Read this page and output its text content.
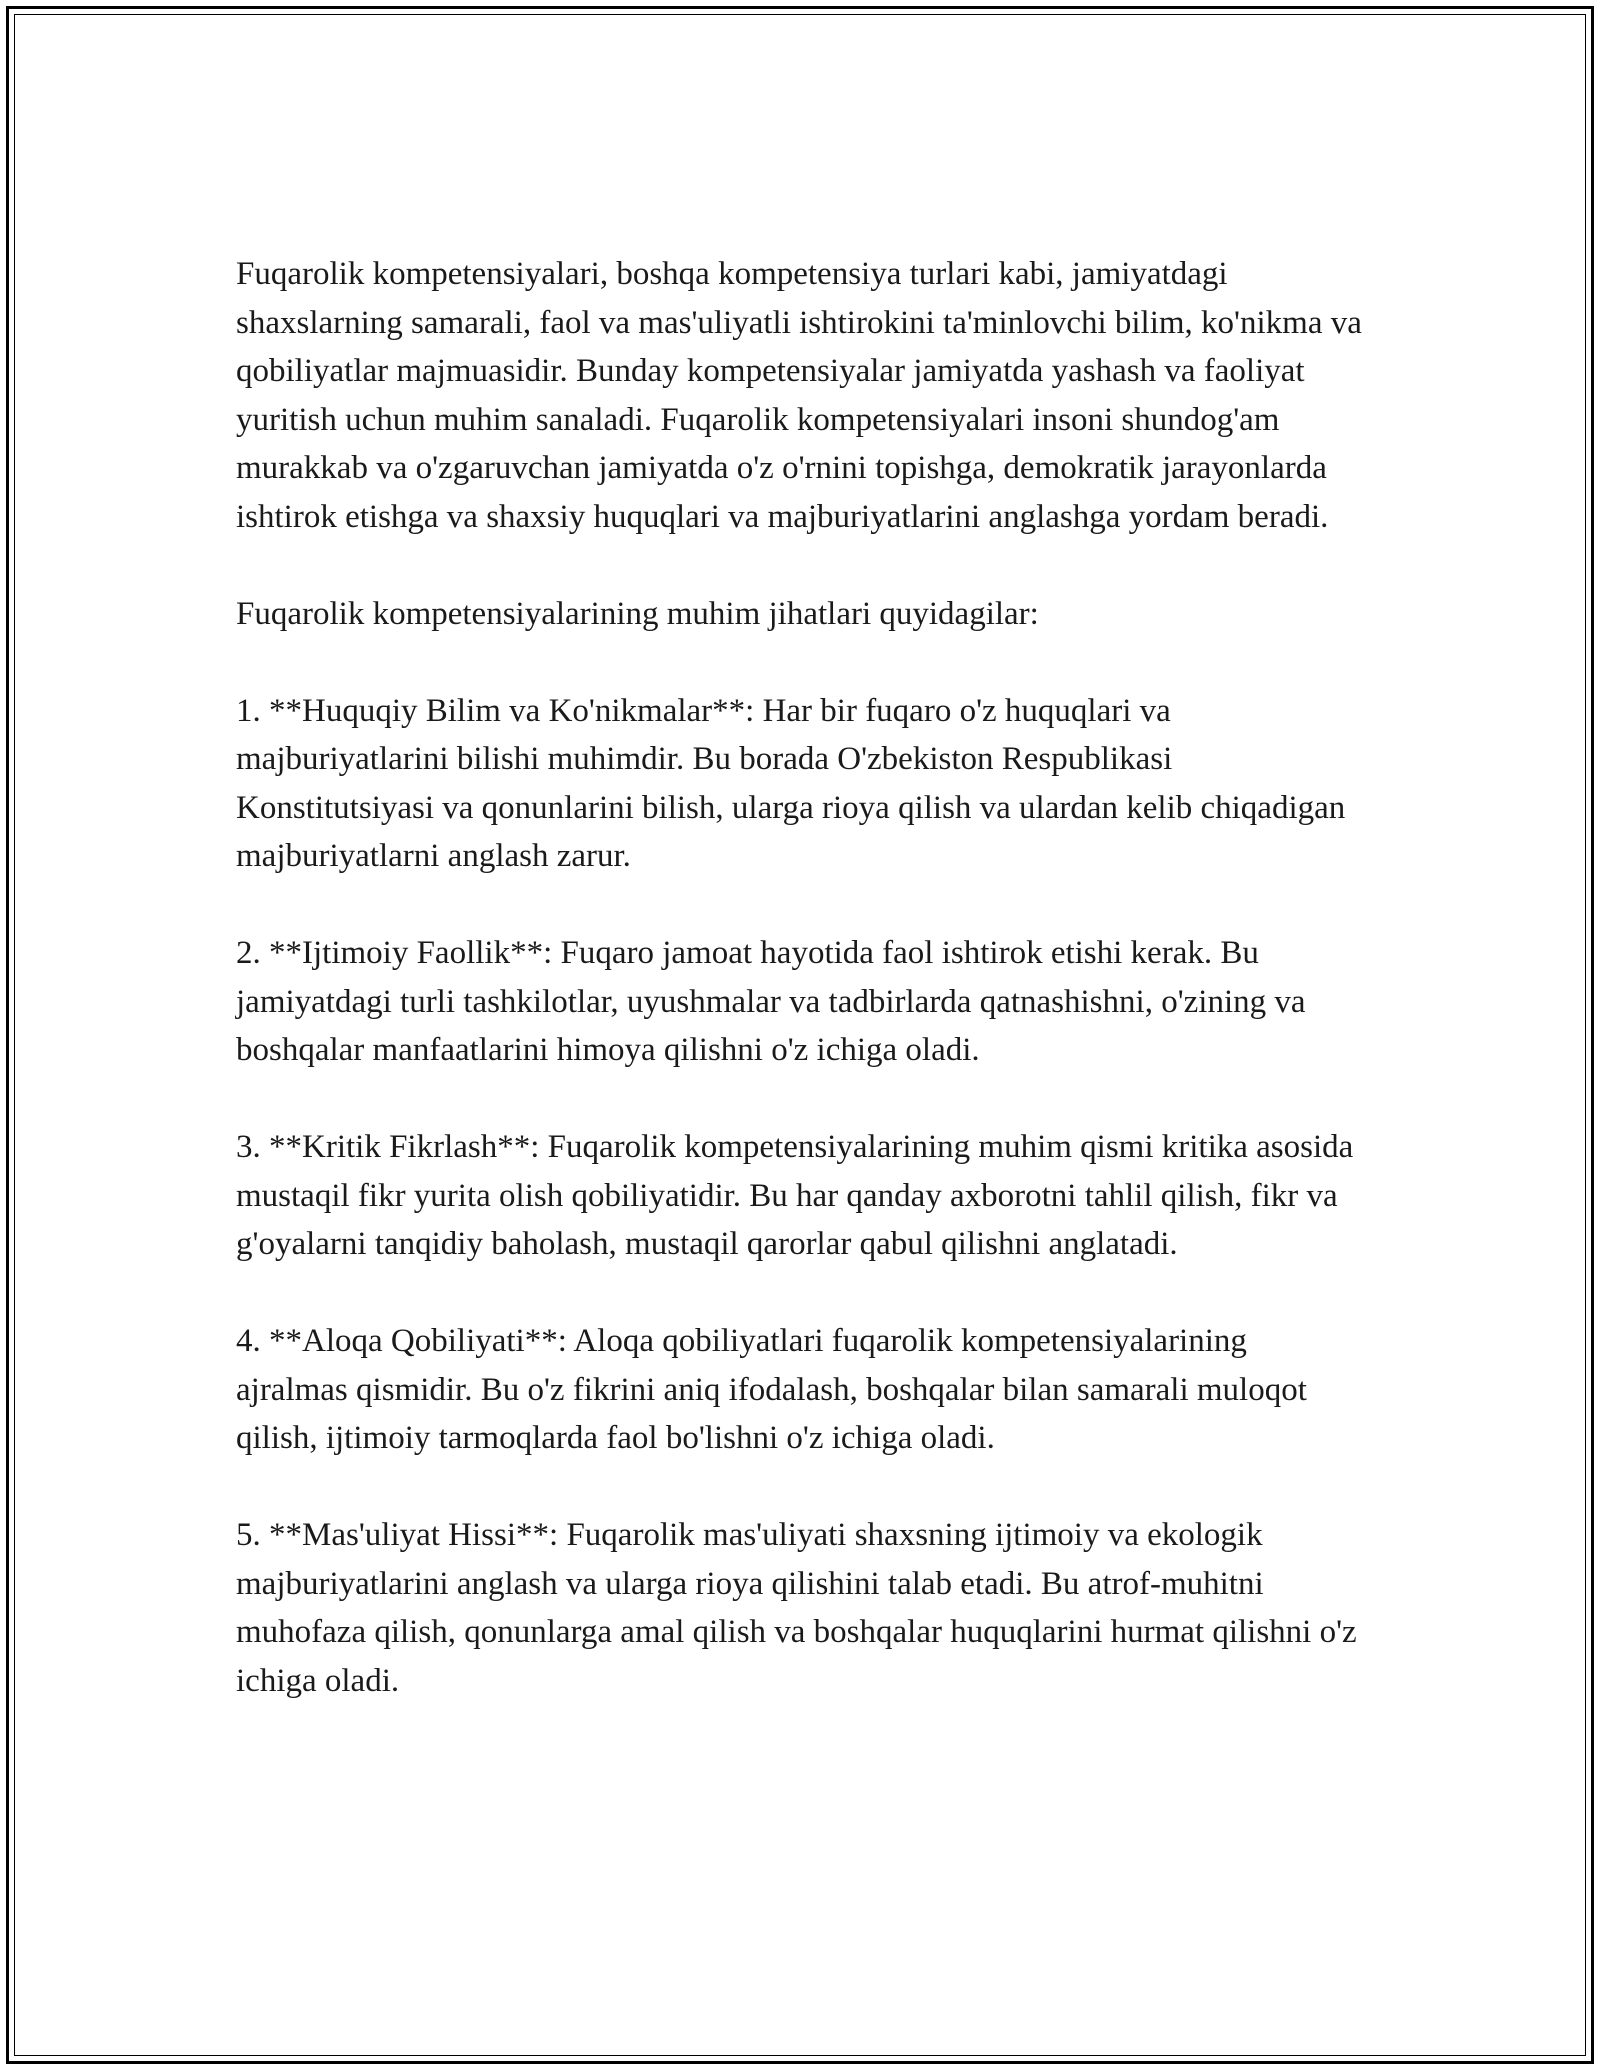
Fuqarolik kompetensiyalari, boshqa kompetensiya turlari kabi, jamiyatdagi shaxslarning samarali, faol va mas'uliyatli ishtirokini ta'minlovchi bilim, ko'nikma va qobiliyatlar majmuasidir. Bunday kompetensiyalar jamiyatda yashash va faoliyat yuritish uchun muhim sanaladi. Fuqarolik kompetensiyalari insoni shundog'am murakkab va o'zgaruvchan jamiyatda o'z o'rnini topishga, demokratik jarayonlarda ishtirok etishga va shaxsiy huquqlari va majburiyatlarini anglashga yordam beradi.

Fuqarolik kompetensiyalarining muhim jihatlari quyidagilar:

1. **Huquqiy Bilim va Ko'nikmalar**: Har bir fuqaro o'z huquqlari va majburiyatlarini bilishi muhimdir. Bu borada O'zbekiston Respublikasi Konstitutsiyasi va qonunlarini bilish, ularga rioya qilish va ulardan kelib chiqadigan majburiyatlarni anglash zarur.

2. **Ijtimoiy Faollik**: Fuqaro jamoat hayotida faol ishtirok etishi kerak. Bu jamiyatdagi turli tashkilotlar, uyushmalar va tadbirlarda qatnashishni, o'zining va boshqalar manfaatlarini himoya qilishni o'z ichiga oladi.

3. **Kritik Fikrlash**: Fuqarolik kompetensiyalarining muhim qismi kritika asosida mustaqil fikr yurita olish qobiliyatidir. Bu har qanday axborotni tahlil qilish, fikr va g'oyalarni tanqidiy baholash, mustaqil qarorlar qabul qilishni anglatadi.

4. **Aloqa Qobiliyati**: Aloqa qobiliyatlari fuqarolik kompetensiyalarining ajralmas qismidir. Bu o'z fikrini aniq ifodalash, boshqalar bilan samarali muloqot qilish, ijtimoiy tarmoqlarda faol bo'lishni o'z ichiga oladi.

5. **Mas'uliyat Hissi**: Fuqarolik mas'uliyati shaxsning ijtimoiy va ekologik majburiyatlarini anglash va ularga rioya qilishini talab etadi. Bu atrof-muhitni muhofaza qilish, qonunlarga amal qilish va boshqalar huquqlarini hurmat qilishni o'z ichiga oladi.
